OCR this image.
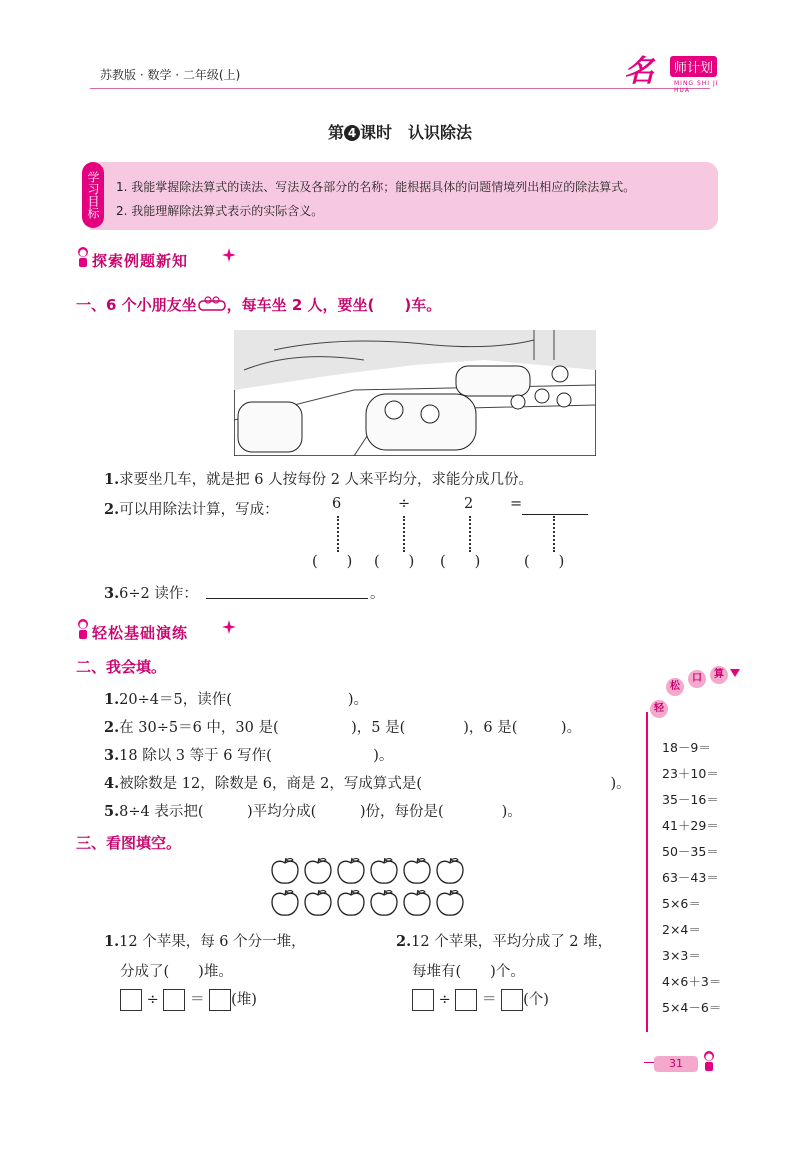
苏教版 · 数学 · 二年级(上)	名	师计划
MING SHI JI HUA
第 4 课时　认识除法
学习目标	1. 我能掌握除法算式的读法、写法及各部分的名称；能根据具体的问题情境列出相应的除法算式。
2. 我能理解除法算式表示的实际含义。
探索例题新知
一、6 个小朋友坐 ，每车坐 2 人，要坐(　　)车。
1.求要坐几车，就是把 6 人按每份 2 人来平均分，求能分成几份。
2.可以用除法计算，写成：	6	÷	2	=
(　　) (　　) (　　)	(　　)
3.6÷2 读作：	。
轻松基础演练
二、我会填。
1.20÷4＝5，读作(　　　　　　　　)。
2.在 30÷5＝6 中，30 是(　　　　　)，5 是(　　　　)，6 是(　　　)。
3.18 除以 3 等于 6 写作(　　　　　　　)。
4.被除数是 12，除数是 6，商是 2，写成算式是(　　　　　　　　　　　　　)。
5.8÷4 表示把(　　　)平均分成(　　　)份，每份是(　　　　)。
三、看图填空。
1.12 个苹果，每 6 个分一堆，
分成了(　　)堆。
÷ ＝ (堆)
2.12 个苹果，平均分成了 2 堆，
每堆有(　　)个。
÷ ＝ (个)
轻
松
口	算
18－9＝
23＋10＝
35－16＝
41＋29＝
50－35＝
63－43＝
5×6＝
2×4＝
3×3＝
4×6＋3＝
5×4－6＝
31
